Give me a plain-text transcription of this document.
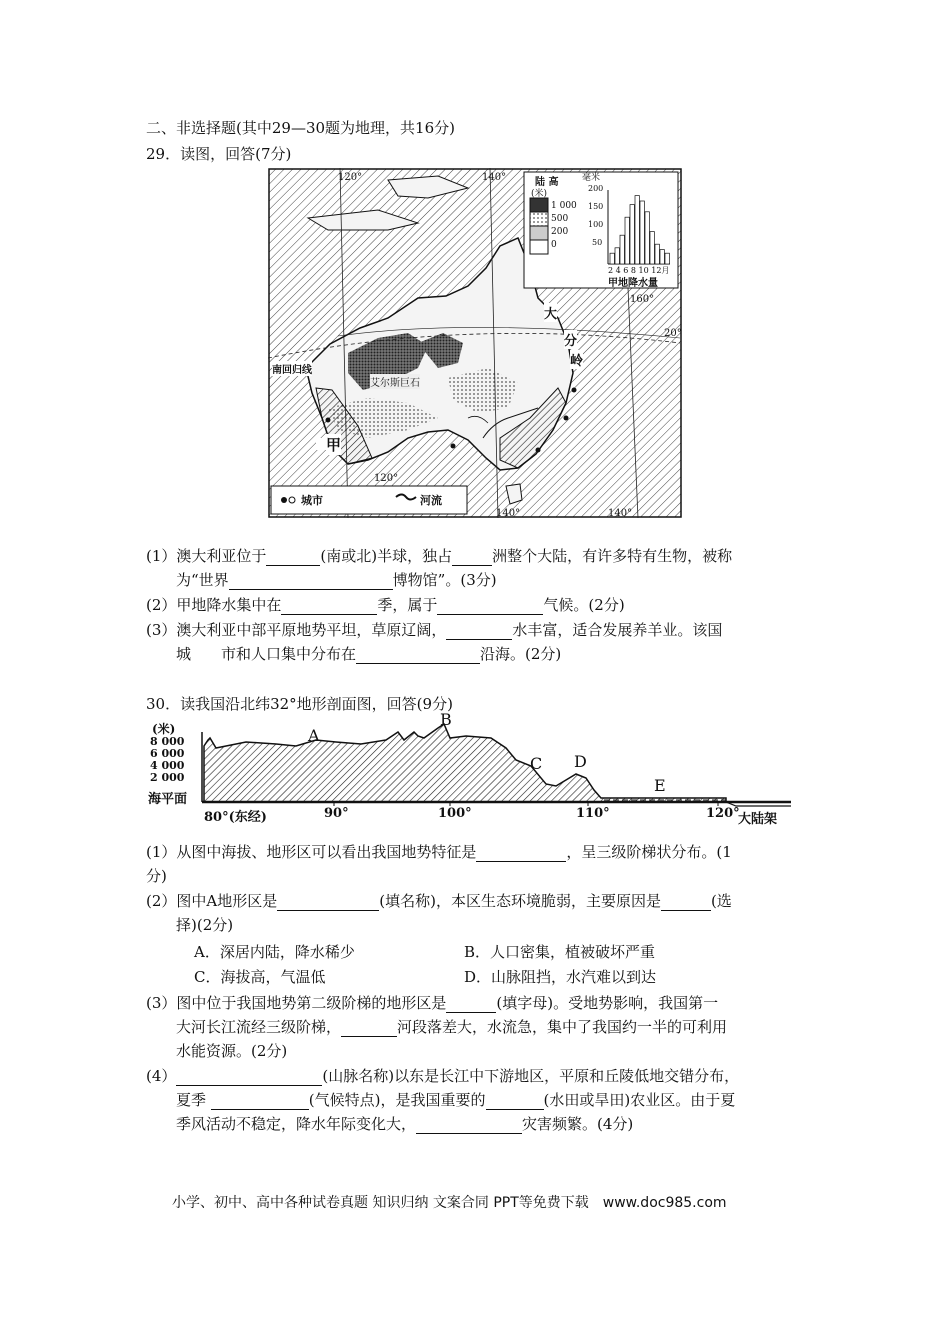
二、非选择题(其中29—30题为地理，共16分)
29．读图，回答(7分)
陆 高
(米)
1 000
500
200
0
毫米
200
150
100
50
2 4 6 8 10 12月
甲地降水量
120°	140°
160°
120°
140°	140°
20°
南回归线
艾尔斯巨石
甲
大
分
岭
城市	河流
(1）澳大利亚位于	(南或北)半球，独占	洲整个大陆，有许多特有生物，被称
为“世界	博物馆”。(3分)
(2）甲地降水集中在	季，属于	气候。(2分)
(3）澳大利亚中部平原地势平坦，草原辽阔，	水丰富，适合发展养羊业。该国
城　　市和人口集中分布在	沿海。(2分)
30．读我国沿北纬32°地形剖面图，回答(9分)
(米)
8 000
6 000
4 000
2 000
海平面
80°(东经)	90°	100°	110°	120°
大陆架
A
B
C D
E
(1）从图中海拔、地形区可以看出我国地势特征是	，呈三级阶梯状分布。(1
分)
(2）图中A地形区是	(填名称)，本区生态环境脆弱，主要原因是	(选
择)(2分)
A．深居内陆，降水稀少	B．人口密集，植被破坏严重
C．海拔高，气温低	D．山脉阻挡，水汽难以到达
(3）图中位于我国地势第二级阶梯的地形区是	(填字母)。受地势影响，我国第一
大河长江流经三级阶梯，	河段落差大，水流急，集中了我国约一半的可利用
水能资源。(2分)
(4）	(山脉名称)以东是长江中下游地区，平原和丘陵低地交错分布，
夏季	(气候特点)，是我国重要的	(水田或旱田)农业区。由于夏
季风活动不稳定，降水年际变化大，	灾害频繁。(4分)
小学、初中、高中各种试卷真题 知识归纳 文案合同 PPT等免费下载　www.doc985.com
